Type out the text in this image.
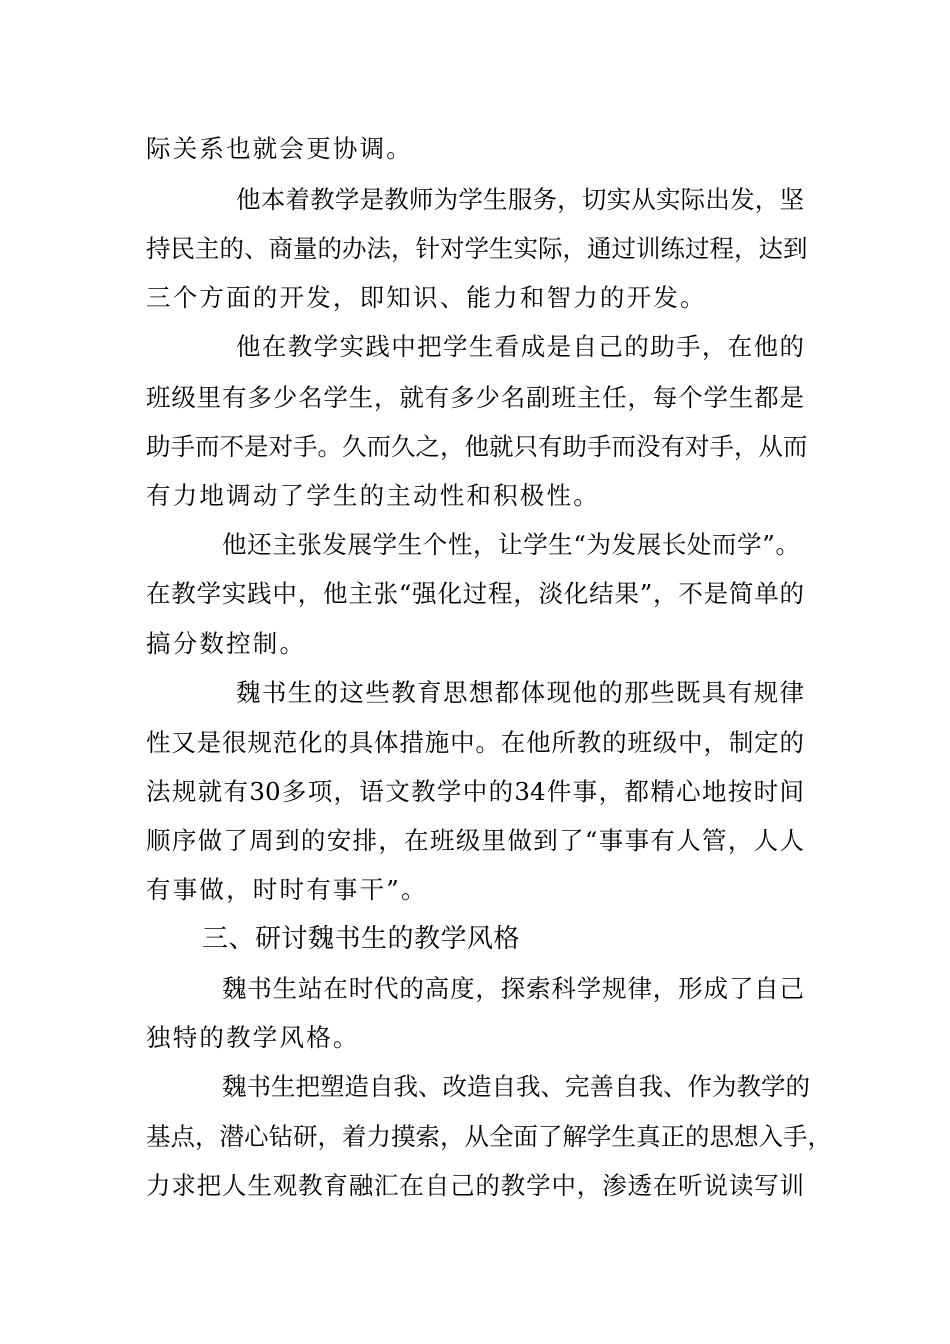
际关系也就会更协调。
他本着教学是教师为学生服务，切实从实际出发，坚
持民主的、商量的办法，针对学生实际，通过训练过程，达到
三个方面的开发，即知识、能力和智力的开发。
他在教学实践中把学生看成是自己的助手，在他的
班级里有多少名学生，就有多少名副班主任，每个学生都是
助手而不是对手。久而久之，他就只有助手而没有对手，从而
有力地调动了学生的主动性和积极性。
他还主张发展学生个性，让学生“为发展长处而学”。
在教学实践中，他主张“强化过程，淡化结果”，不是简单的
搞分数控制。
魏书生的这些教育思想都体现他的那些既具有规律
性又是很规范化的具体措施中。在他所教的班级中，制定的
法规就有30多项，语文教学中的34件事，都精心地按时间
顺序做了周到的安排，在班级里做到了“事事有人管，人人
有事做，时时有事干”。
三、研讨魏书生的教学风格
魏书生站在时代的高度，探索科学规律，形成了自己
独特的教学风格。
魏书生把塑造自我、改造自我、完善自我、作为教学的
基点，潜心钻研，着力摸索，从全面了解学生真正的思想入手，
力求把人生观教育融汇在自己的教学中，渗透在听说读写训
